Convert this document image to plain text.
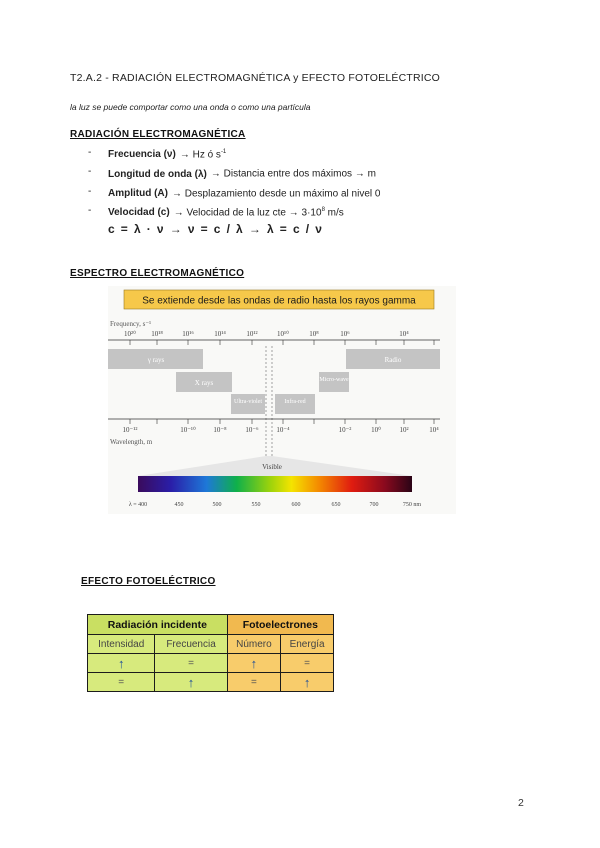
T2.A.2 - RADIACIÓN ELECTROMAGNÉTICA y EFECTO FOTOELÉCTRICO
la luz se puede comportar como una onda o como una partícula
RADIACIÓN ELECTROMAGNÉTICA
-	Frecuencia (ν) → Hz ó $s^{-1}$
-	Longitud de onda (λ) → Distancia entre dos máximos → m
-	Amplitud (A) → Desplazamiento desde un máximo al nivel 0
-	Velocidad (c) → Velocidad de la luz cte → $3\cdot 10^8$ m/s
c = λ · ν → ν = c / λ → λ = c / ν
ESPECTRO ELECTROMAGNÉTICO
Se extiende desde las ondas de radio hasta los rayos gamma
Frequency, s⁻¹
10²⁰ 10¹⁸	10¹⁶	10¹⁴	10¹²	10¹⁰	10⁸	10⁶	10⁴
γ rays	Radio
X rays	Micro-wave
Ultra-violet	Infra-red
10⁻¹²	10⁻¹⁰	10⁻⁸	10⁻⁶	10⁻⁴	10⁻²	10⁰	10²	10⁴
Wavelength, m
Visible
λ = 400	450	500	550	600	650	700	750 nm
EFECTO FOTOELÉCTRICO
Radiación incidente		Fotoelectrones	
Intensidad	Frecuencia	Número	Energía
↑	=	↑	=
=	↑	=	↑
2
